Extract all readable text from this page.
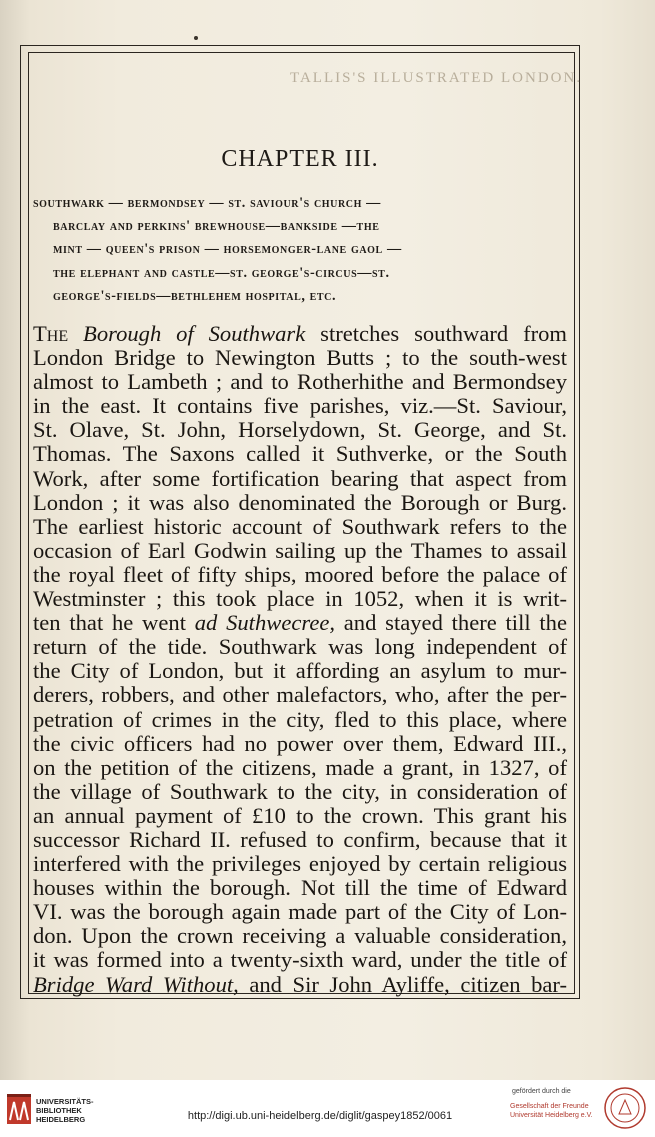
TALLIS'S ILLUSTRATED LONDON.
CHAPTER III.
southwark — bermondsey — st. saviour's church —
barclay and perkins' brewhouse—bankside —the
mint — queen's prison — horsemonger-lane gaol —
the elephant and castle—st. george's-circus—st.
george's-fields—bethlehem hospital, etc.
The Borough of Southwark stretches southward from
London Bridge to Newington Butts ; to the south-west
almost to Lambeth ; and to Rotherhithe and Bermondsey
in the east. It contains five parishes, viz.—St. Saviour,
St. Olave, St. John, Horselydown, St. George, and St.
Thomas. The Saxons called it Suthverke, or the South
Work, after some fortification bearing that aspect from
London ; it was also denominated the Borough or Burg.
The earliest historic account of Southwark refers to the
occasion of Earl Godwin sailing up the Thames to assail
the royal fleet of fifty ships, moored before the palace of
Westminster ; this took place in 1052, when it is writ-
ten that he went ad Suthwecree, and stayed there till the
return of the tide. Southwark was long independent of
the City of London, but it affording an asylum to mur-
derers, robbers, and other malefactors, who, after the per-
petration of crimes in the city, fled to this place, where
the civic officers had no power over them, Edward III.,
on the petition of the citizens, made a grant, in 1327, of
the village of Southwark to the city, in consideration of
an annual payment of £10 to the crown. This grant his
successor Richard II. refused to confirm, because that it
interfered with the privileges enjoyed by certain religious
houses within the borough. Not till the time of Edward
VI. was the borough again made part of the City of Lon-
don. Upon the crown receiving a valuable consideration,
it was formed into a twenty-sixth ward, under the title of
Bridge Ward Without, and Sir John Ayliffe, citizen bar-
UNIVERSITÄTS-
BIBLIOTHEK
HEIDELBERG	http://digi.ub.uni-heidelberg.de/diglit/gaspey1852/0061
gefördert durch die
Gesellschaft der Freunde
Universität Heidelberg e.V.
